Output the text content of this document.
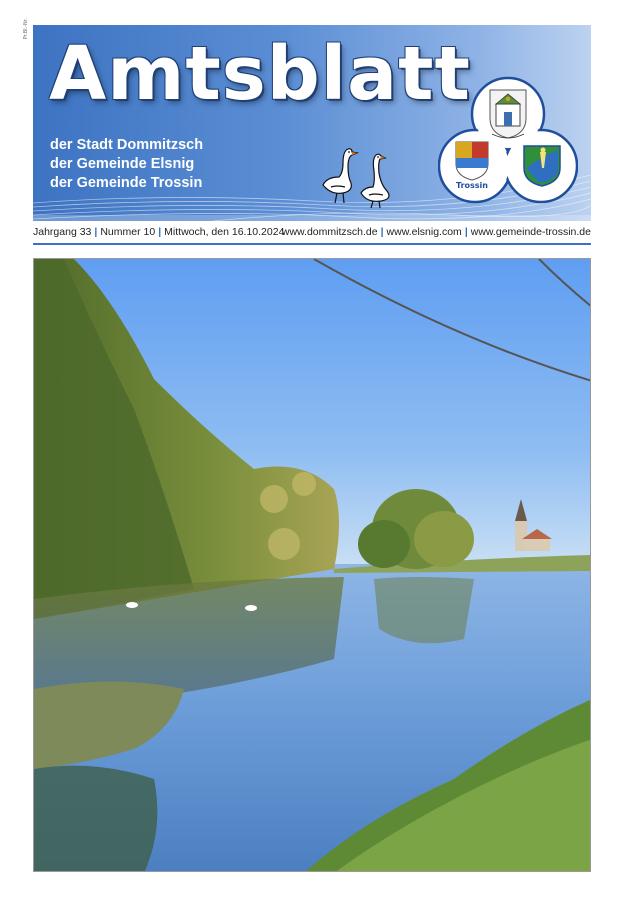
Pr.Bl.-Nr.
Amtsblatt
der Stadt Dommitzsch
der Gemeinde Elsnig
der Gemeinde Trossin	Trossin
Jahrgang 33 | Nummer 10 | Mittwoch, den 16.10.2024
www.dommitzsch.de | www.elsnig.com | www.gemeinde-trossin.de
